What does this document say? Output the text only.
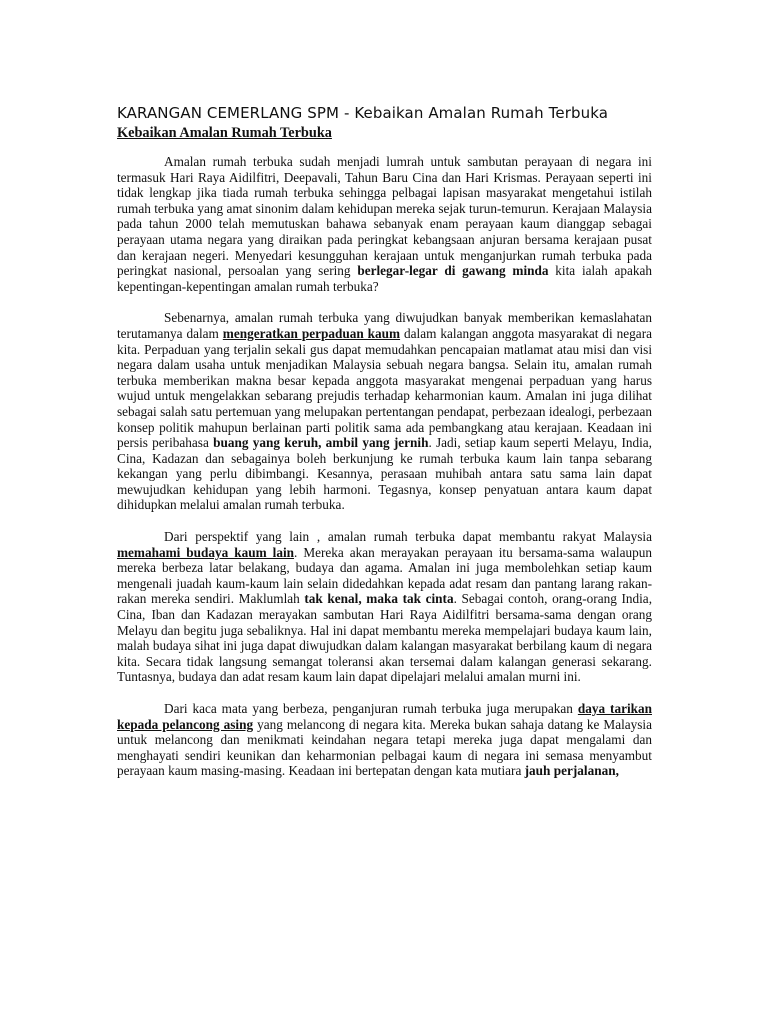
KARANGAN CEMERLANG SPM - Kebaikan Amalan Rumah Terbuka
Kebaikan Amalan Rumah Terbuka

Amalan rumah terbuka sudah menjadi lumrah untuk sambutan perayaan di negara ini termasuk Hari Raya Aidilfitri, Deepavali, Tahun Baru Cina dan Hari Krismas. Perayaan seperti ini tidak lengkap jika tiada rumah terbuka sehingga pelbagai lapisan masyarakat mengetahui istilah rumah terbuka yang amat sinonim dalam kehidupan mereka sejak turun-temurun. Kerajaan Malaysia pada tahun 2000 telah memutuskan bahawa sebanyak enam perayaan kaum dianggap sebagai perayaan utama negara yang diraikan pada peringkat kebangsaan anjuran bersama kerajaan pusat dan kerajaan negeri. Menyedari kesungguhan kerajaan untuk menganjurkan rumah terbuka pada peringkat nasional, persoalan yang sering berlegar-legar di gawang minda kita ialah apakah kepentingan-kepentingan amalan rumah terbuka?

Sebenarnya, amalan rumah terbuka yang diwujudkan banyak memberikan kemaslahatan terutamanya dalam mengeratkan perpaduan kaum dalam kalangan anggota masyarakat di negara kita. Perpaduan yang terjalin sekali gus dapat memudahkan pencapaian matlamat atau misi dan visi negara dalam usaha untuk menjadikan Malaysia sebuah negara bangsa. Selain itu, amalan rumah terbuka memberikan makna besar kepada anggota masyarakat mengenai perpaduan yang harus wujud untuk mengelakkan sebarang prejudis terhadap keharmonian kaum. Amalan ini juga dilihat sebagai salah satu pertemuan yang melupakan pertentangan pendapat, perbezaan idealogi, perbezaan konsep politik mahupun berlainan parti politik sama ada pembangkang atau kerajaan. Keadaan ini persis peribahasa buang yang keruh, ambil yang jernih. Jadi, setiap kaum seperti Melayu, India, Cina, Kadazan dan sebagainya boleh berkunjung ke rumah terbuka kaum lain tanpa sebarang kekangan yang perlu dibimbangi. Kesannya, perasaan muhibah antara satu sama lain dapat mewujudkan kehidupan yang lebih harmoni. Tegasnya, konsep penyatuan antara kaum dapat dihidupkan melalui amalan rumah terbuka.

Dari perspektif yang lain , amalan rumah terbuka dapat membantu rakyat Malaysia memahami budaya kaum lain. Mereka akan merayakan perayaan itu bersama-sama walaupun mereka berbeza latar belakang, budaya dan agama. Amalan ini juga membolehkan setiap kaum mengenali juadah kaum-kaum lain selain didedahkan kepada adat resam dan pantang larang rakan-rakan mereka sendiri. Maklumlah tak kenal, maka tak cinta. Sebagai contoh, orang-orang India, Cina, Iban dan Kadazan merayakan sambutan Hari Raya Aidilfitri bersama-sama dengan orang Melayu dan begitu juga sebaliknya. Hal ini dapat membantu mereka mempelajari budaya kaum lain, malah budaya sihat ini juga dapat diwujudkan dalam kalangan masyarakat berbilang kaum di negara kita. Secara tidak langsung semangat toleransi akan tersemai dalam kalangan generasi sekarang. Tuntasnya, budaya dan adat resam kaum lain dapat dipelajari melalui amalan murni ini.

Dari kaca mata yang berbeza, penganjuran rumah terbuka juga merupakan daya tarikan kepada pelancong asing yang melancong di negara kita. Mereka bukan sahaja datang ke Malaysia untuk melancong dan menikmati keindahan negara tetapi mereka juga dapat mengalami dan menghayati sendiri keunikan dan keharmonian pelbagai kaum di negara ini semasa menyambut perayaan kaum masing-masing. Keadaan ini bertepatan dengan kata mutiara jauh perjalanan,
